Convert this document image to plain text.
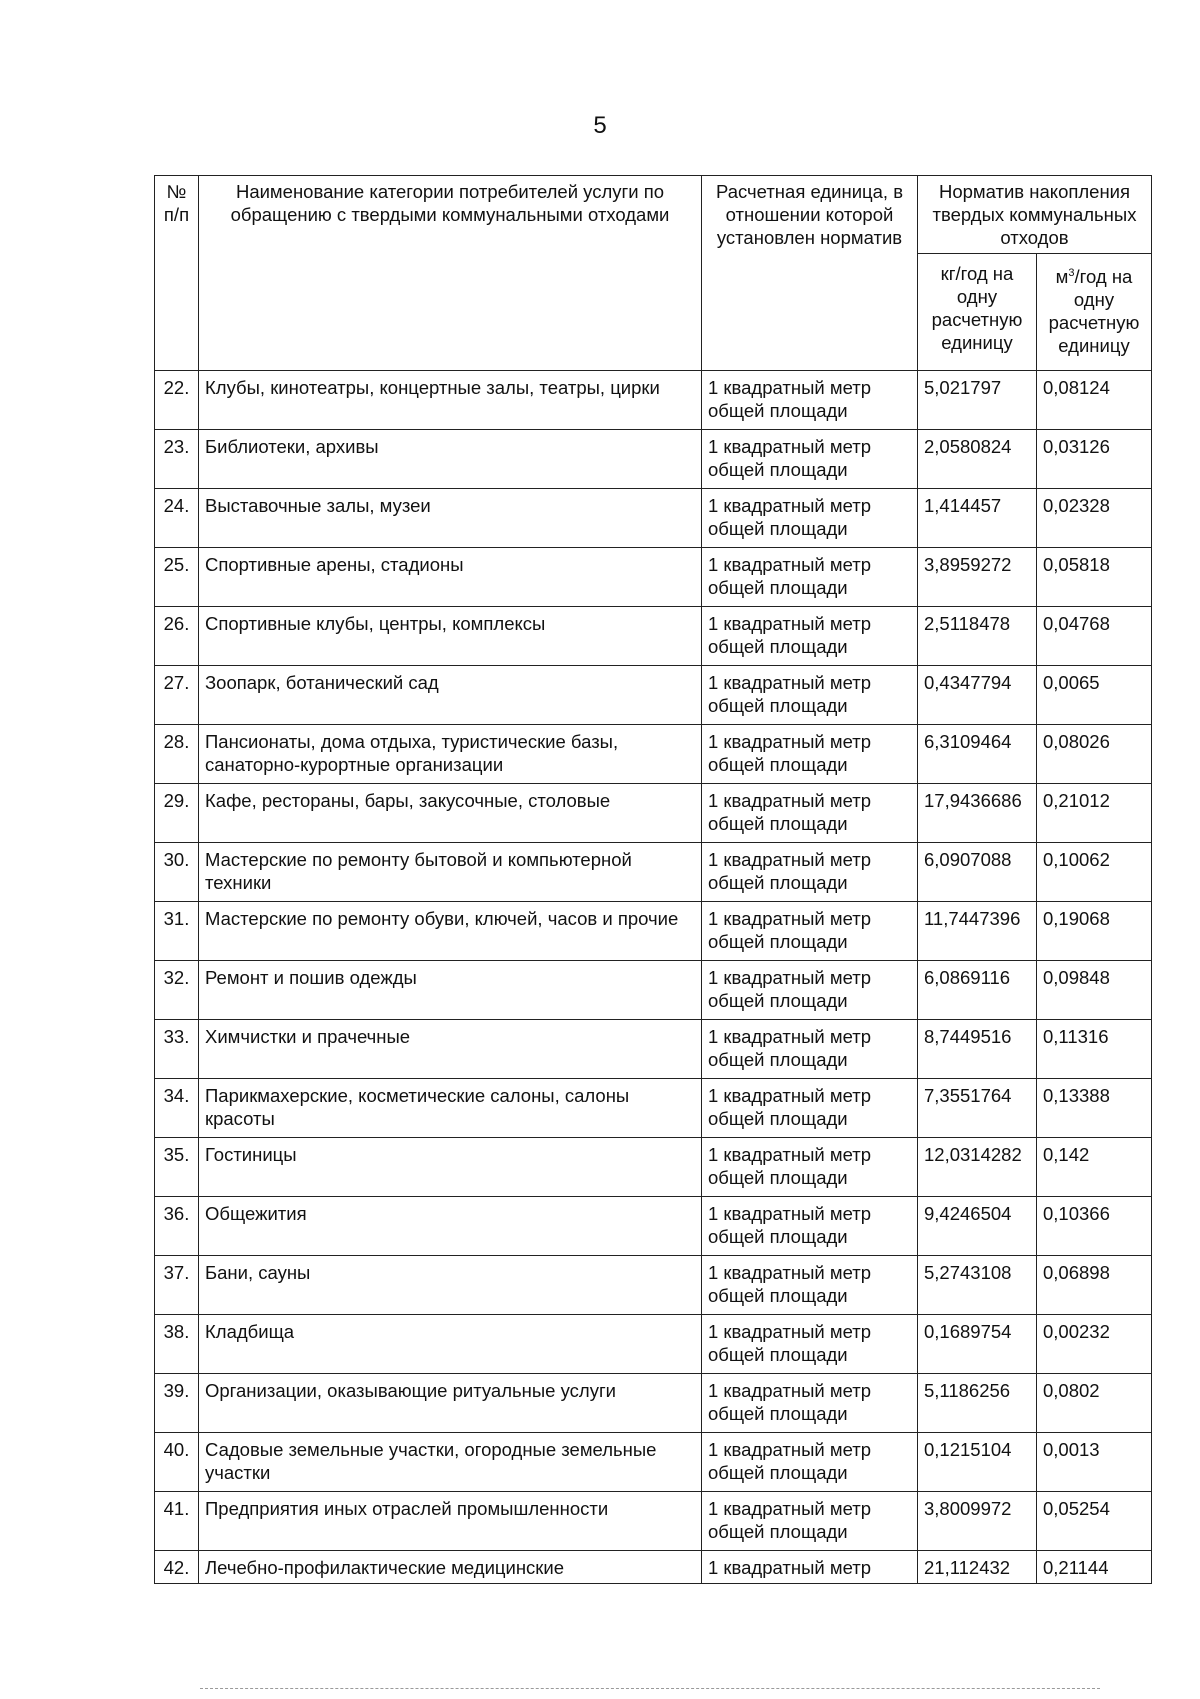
5
№ п/п	Наименование категории потребителей услуги по обращению с твердыми коммунальными отходами	Расчетная единица, в отношении которой установлен норматив	Норматив накопления твердых коммунальных отходов	
			кг/год на одну расчетную единицу	$м^3$/год на одну расчетную единицу
22.	Клубы, кинотеатры, концертные залы, театры, цирки	1 квадратный метр общей площади	5,021797	0,08124
23.	Библиотеки, архивы	1 квадратный метр общей площади	2,0580824	0,03126
24.	Выставочные залы, музеи	1 квадратный метр общей площади	1,414457	0,02328
25.	Спортивные арены, стадионы	1 квадратный метр общей площади	3,8959272	0,05818
26.	Спортивные клубы, центры, комплексы	1 квадратный метр общей площади	2,5118478	0,04768
27.	Зоопарк, ботанический сад	1 квадратный метр общей площади	0,4347794	0,0065
28.	Пансионаты, дома отдыха, туристические базы, санаторно-курортные организации	1 квадратный метр общей площади	6,3109464	0,08026
29.	Кафе, рестораны, бары, закусочные, столовые	1 квадратный метр общей площади	17,9436686	0,21012
30.	Мастерские по ремонту бытовой и компьютерной техники	1 квадратный метр общей площади	6,0907088	0,10062
31.	Мастерские по ремонту обуви, ключей, часов и прочие	1 квадратный метр общей площади	11,7447396	0,19068
32.	Ремонт и пошив одежды	1 квадратный метр общей площади	6,0869116	0,09848
33.	Химчистки и прачечные	1 квадратный метр общей площади	8,7449516	0,11316
34.	Парикмахерские, косметические салоны, салоны красоты	1 квадратный метр общей площади	7,3551764	0,13388
35.	Гостиницы	1 квадратный метр общей площади	12,0314282	0,142
36.	Общежития	1 квадратный метр общей площади	9,4246504	0,10366
37.	Бани, сауны	1 квадратный метр общей площади	5,2743108	0,06898
38.	Кладбища	1 квадратный метр общей площади	0,1689754	0,00232
39.	Организации, оказывающие ритуальные услуги	1 квадратный метр общей площади	5,1186256	0,0802
40.	Садовые земельные участки, огородные земельные участки	1 квадратный метр общей площади	0,1215104	0,0013
41.	Предприятия иных отраслей промышленности	1 квадратный метр общей площади	3,8009972	0,05254
42.	Лечебно-профилактические медицинские	1 квадратный метр	21,112432	0,21144
